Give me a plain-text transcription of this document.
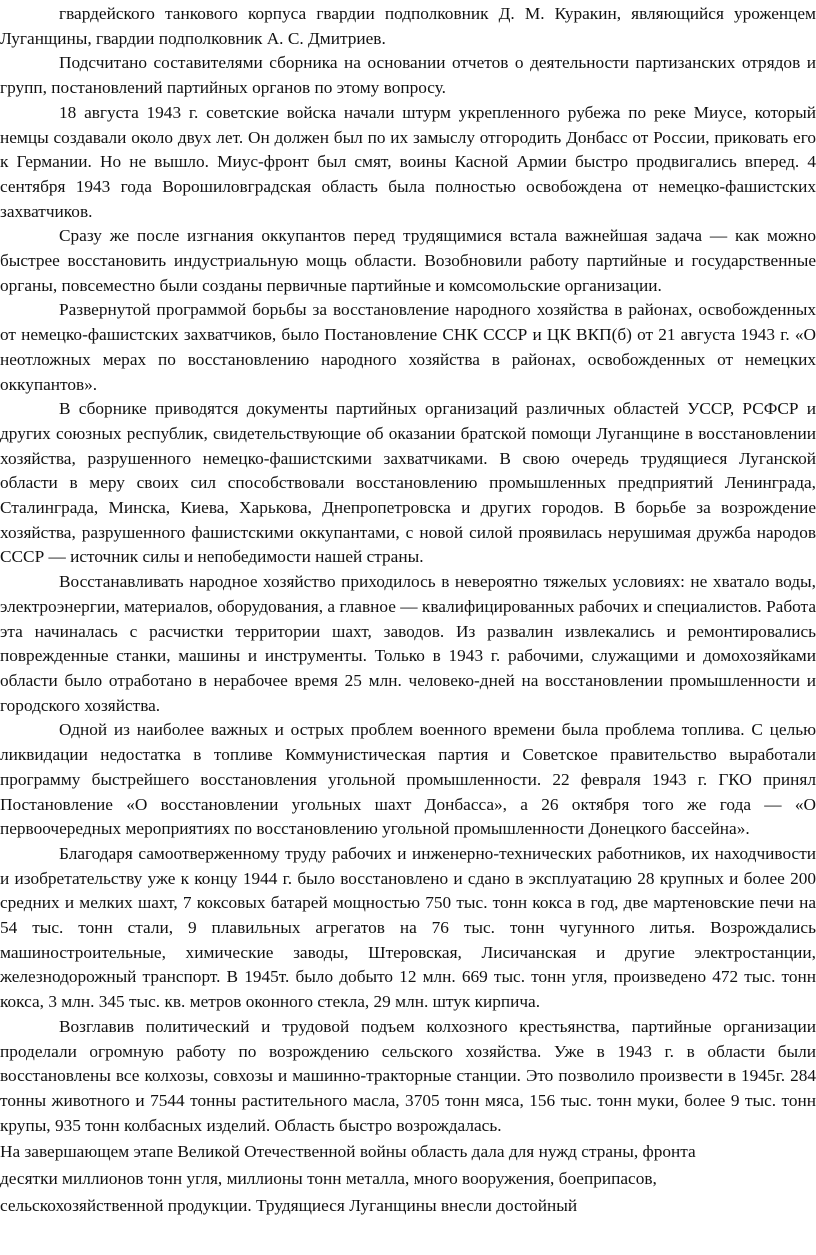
гвардейского танкового корпуса гвардии подполковник Д. М. Куракин, являющийся уроженцем Луганщины, гвардии подполковник А. С. Дмитриев.

Подсчитано составителями сборника на основании отчетов о деятельности партизанских отрядов и групп, постановлений партийных органов по этому вопросу.

18 августа 1943 г. советские войска начали штурм укрепленного рубежа по реке Миусе, который немцы создавали около двух лет. Он должен был по их замыслу отгородить Донбасс от России, приковать его к Германии. Но не вышло. Миус-фронт был смят, воины Касной Армии быстро продвигались вперед. 4 сентября 1943 года Ворошиловградская область была полностью освобождена от немецко-фашистских захватчиков.

Сразу же после изгнания оккупантов перед трудящимися встала важнейшая задача — как можно быстрее восстановить индустриальную мощь области. Возобновили работу партийные и государственные органы, повсеместно были созданы первичные партийные и комсомольские организации.

Развернутой программой борьбы за восстановление народного хозяйства в районах, освобожденных от немецко-фашистских захватчиков, было Постановление СНК СССР и ЦК ВКП(б) от 21 августа 1943 г. «О неотложных мерах по восстановлению народного хозяйства в районах, освобожденных от немецких оккупантов».

В сборнике приводятся документы партийных организаций различных областей УССР, РСФСР и других союзных республик, свидетельствующие об оказании братской помощи Луганщине в восстановлении хозяйства, разрушенного немецко-фашистскими захватчиками. В свою очередь трудящиеся Луганской области в меру своих сил способствовали восстановлению промышленных предприятий Ленинграда, Сталинграда, Минска, Киева, Харькова, Днепропетровска и других городов. В борьбе за возрождение хозяйства, разрушенного фашистскими оккупантами, с новой силой проявилась нерушимая дружба народов СССР — источник силы и непобедимости нашей страны.

Восстанавливать народное хозяйство приходилось в невероятно тяжелых условиях: не хватало воды, электроэнергии, материалов, оборудования, а главное — квалифицированных рабочих и специалистов. Работа эта начиналась с расчистки территории шахт, заводов. Из развалин извлекались и ремонтировались поврежденные станки, машины и инструменты. Только в 1943 г. рабочими, служащими и домохозяйками области было отработано в нерабочее время 25 млн. человеко-дней на восстановлении промышленности и городского хозяйства.

Одной из наиболее важных и острых проблем военного времени была проблема топлива. С целью ликвидации недостатка в топливе Коммунистическая партия и Советское правительство выработали программу быстрейшего восстановления угольной промышленности. 22 февраля 1943 г. ГКО принял Постановление «О восстановлении угольных шахт Донбасса», а 26 октября того же года — «О первоочередных мероприятиях по восстановлению угольной промышленности Донецкого бассейна».

Благодаря самоотверженному труду рабочих и инженерно-технических работников, их находчивости и изобретательству уже к концу 1944 г. было восстановлено и сдано в эксплуатацию 28 крупных и более 200 средних и мелких шахт, 7 коксовых батарей мощностью 750 тыс. тонн кокса в год, две мартеновские печи на 54 тыс. тонн стали, 9 плавильных агрегатов на 76 тыс. тонн чугунного литья. Возрождались машиностроительные, химические заводы, Штеровская, Лисичанская и другие электростанции, железнодорожный транспорт. В 1945т. было добыто 12 млн. 669 тыс. тонн угля, произведено 472 тыс. тонн кокса, 3 млн. 345 тыс. кв. метров оконного стекла, 29 млн. штук кирпича.

Возглавив политический и трудовой подъем колхозного крестьянства, партийные организации проделали огромную работу по возрождению сельского хозяйства. Уже в 1943 г. в области были восстановлены все колхозы, совхозы и машинно-тракторные станции. Это позволило произвести в 1945г. 284 тонны животного и 7544 тонны растительного масла, 3705 тонн мяса, 156 тыс. тонн муки, более 9 тыс. тонн крупы, 935 тонн колбасных изделий. Область быстро возрождалась.

На завершающем этапе Великой Отечественной войны область дала для нужд страны, фронта

десятки миллионов тонн угля, миллионы тонн металла, много вооружения, боеприпасов,

сельскохозяйственной продукции. Трудящиеся Луганщины внесли достойный
